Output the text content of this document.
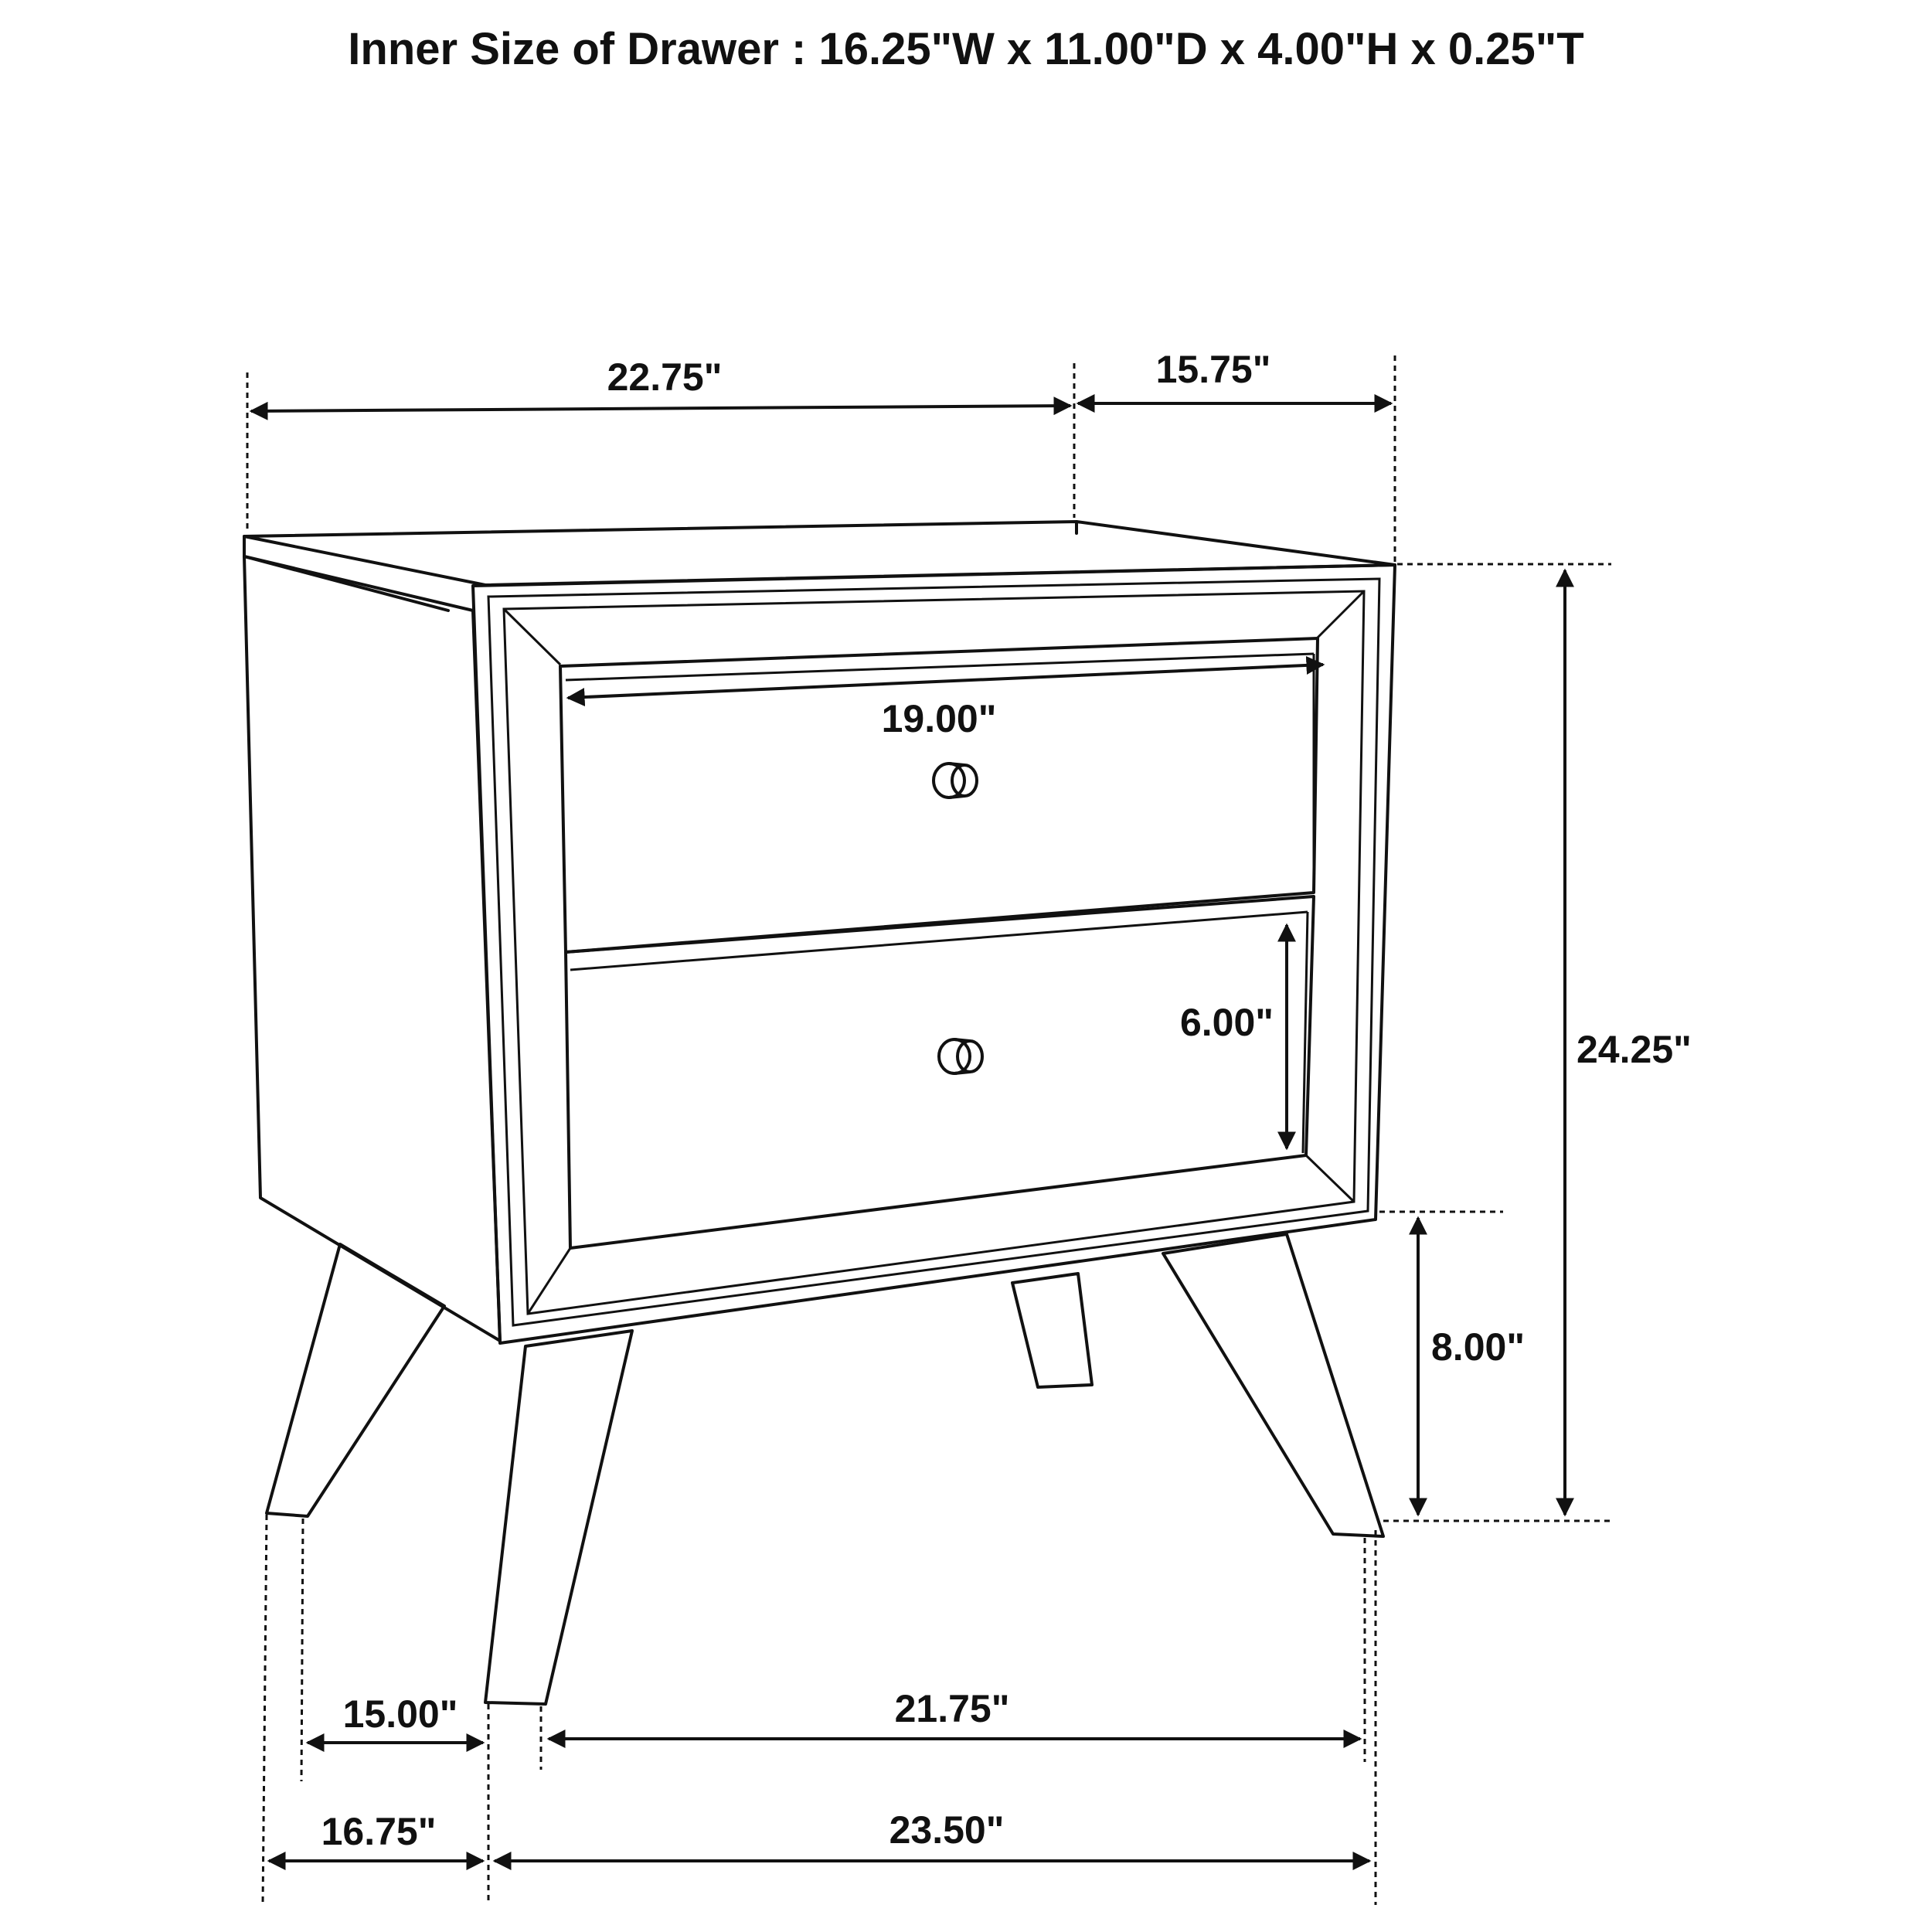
Inner Size of Drawer : 16.25"W x 11.00"D x 4.00"H x 0.25"T
22.75"	15.75"
19.00"
6.00"
24.25"
8.00"
15.00"	21.75"
16.75"	23.50"
